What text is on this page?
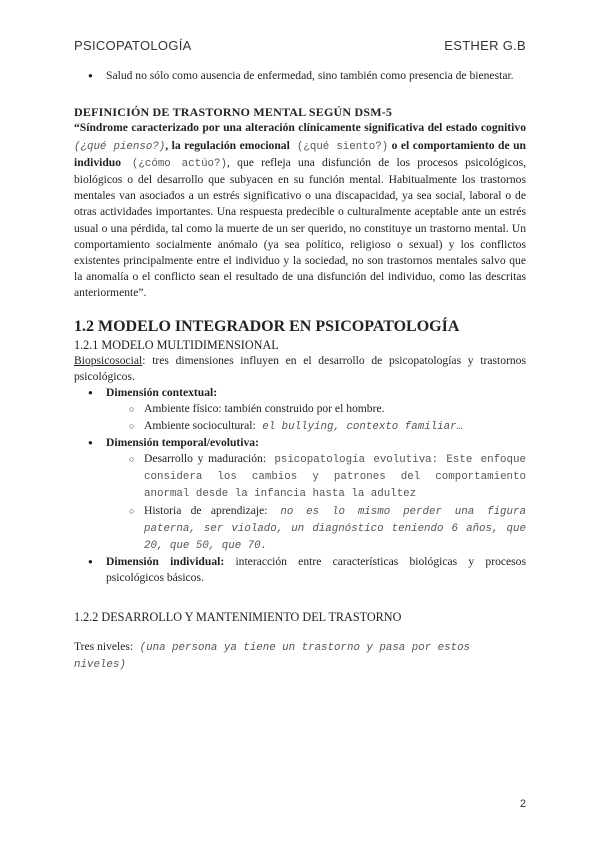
PSICOPATOLOGÍA	ESTHER G.B
● Salud no sólo como ausencia de enfermedad, sino también como presencia de bienestar.
DEFINICIÓN DE TRASTORNO MENTAL SEGÚN DSM-5
“Síndrome caracterizado por una alteración clínicamente significativa del estado cognitivo (¿qué pienso?), la regulación emocional (¿qué siento?) o el comportamiento de un individuo (¿cómo actúo?), que refleja una disfunción de los procesos psicológicos, biológicos o del desarrollo que subyacen en su función mental. Habitualmente los trastornos mentales van asociados a un estrés significativo o una discapacidad, ya sea social, laboral o de otras actividades importantes. Una respuesta predecible o culturalmente aceptable ante un estrés usual o una pérdida, tal como la muerte de un ser querido, no constituye un trastorno mental. Un comportamiento socialmente anómalo (ya sea político, religioso o sexual) y los conflictos existentes principalmente entre el individuo y la sociedad, no son trastornos mentales salvo que la anomalía o el conflicto sean el resultado de una disfunción del individuo, como las descritas anteriormente”.
1.2 MODELO INTEGRADOR EN PSICOPATOLOGÍA
1.2.1 MODELO MULTIDIMENSIONAL
Biopsicosocial: tres dimensiones influyen en el desarrollo de psicopatologías y trastornos psicológicos.
● Dimensión contextual:
○ Ambiente físico: también construido por el hombre.
○ Ambiente sociocultural: el bullying, contexto familiar…
● Dimensión temporal/evolutiva:
○ Desarrollo y maduración: psicopatología evolutiva: Este enfoque considera los cambios y patrones del comportamiento anormal desde la infancia hasta la adultez
○ Historia de aprendizaje: no es lo mismo perder una figura paterna, ser violado, un diagnóstico teniendo 6 años, que 20, que 50, que 70.
● Dimensión individual: interacción entre características biológicas y procesos psicológicos básicos.
1.2.2 DESARROLLO Y MANTENIMIENTO DEL TRASTORNO
Tres niveles: (una persona ya tiene un trastorno y pasa por estos niveles)
2
